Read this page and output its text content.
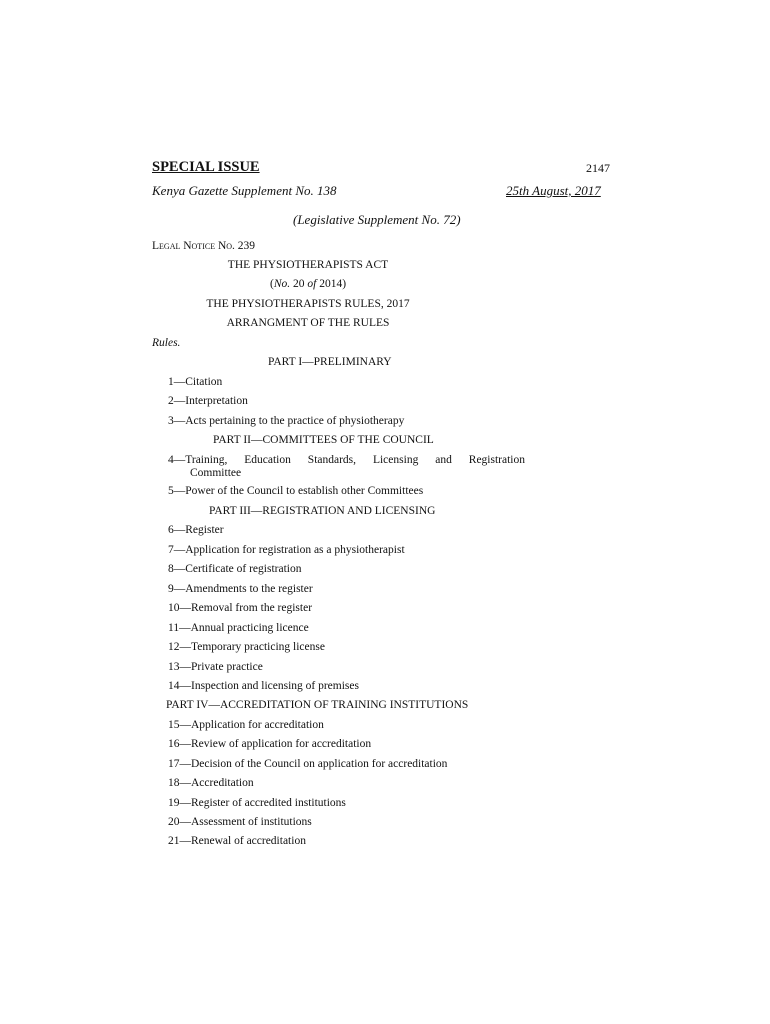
SPECIAL ISSUE	2147
Kenya Gazette Supplement No. 138	25th August, 2017
(Legislative Supplement No. 72)
Legal Notice No. 239
THE PHYSIOTHERAPISTS ACT
(No. 20 of 2014)
THE PHYSIOTHERAPISTS RULES, 2017
ARRANGMENT OF THE RULES
Rules.
PART I—PRELIMINARY
1—Citation
2—Interpretation
3—Acts pertaining to the practice of physiotherapy
PART II—COMMITTEES OF THE COUNCIL
4—Training, Education Standards, Licensing and Registration
Committee
5—Power of the Council to establish other Committees
PART III—REGISTRATION AND LICENSING
6—Register
7—Application for registration as a physiotherapist
8—Certificate of registration
9—Amendments to the register
10—Removal from the register
11—Annual practicing licence
12—Temporary practicing license
13—Private practice
14—Inspection and licensing of premises
PART IV—ACCREDITATION OF TRAINING INSTITUTIONS
15—Application for accreditation
16—Review of application for accreditation
17—Decision of the Council on application for accreditation
18—Accreditation
19—Register of accredited institutions
20—Assessment of institutions
21—Renewal of accreditation
